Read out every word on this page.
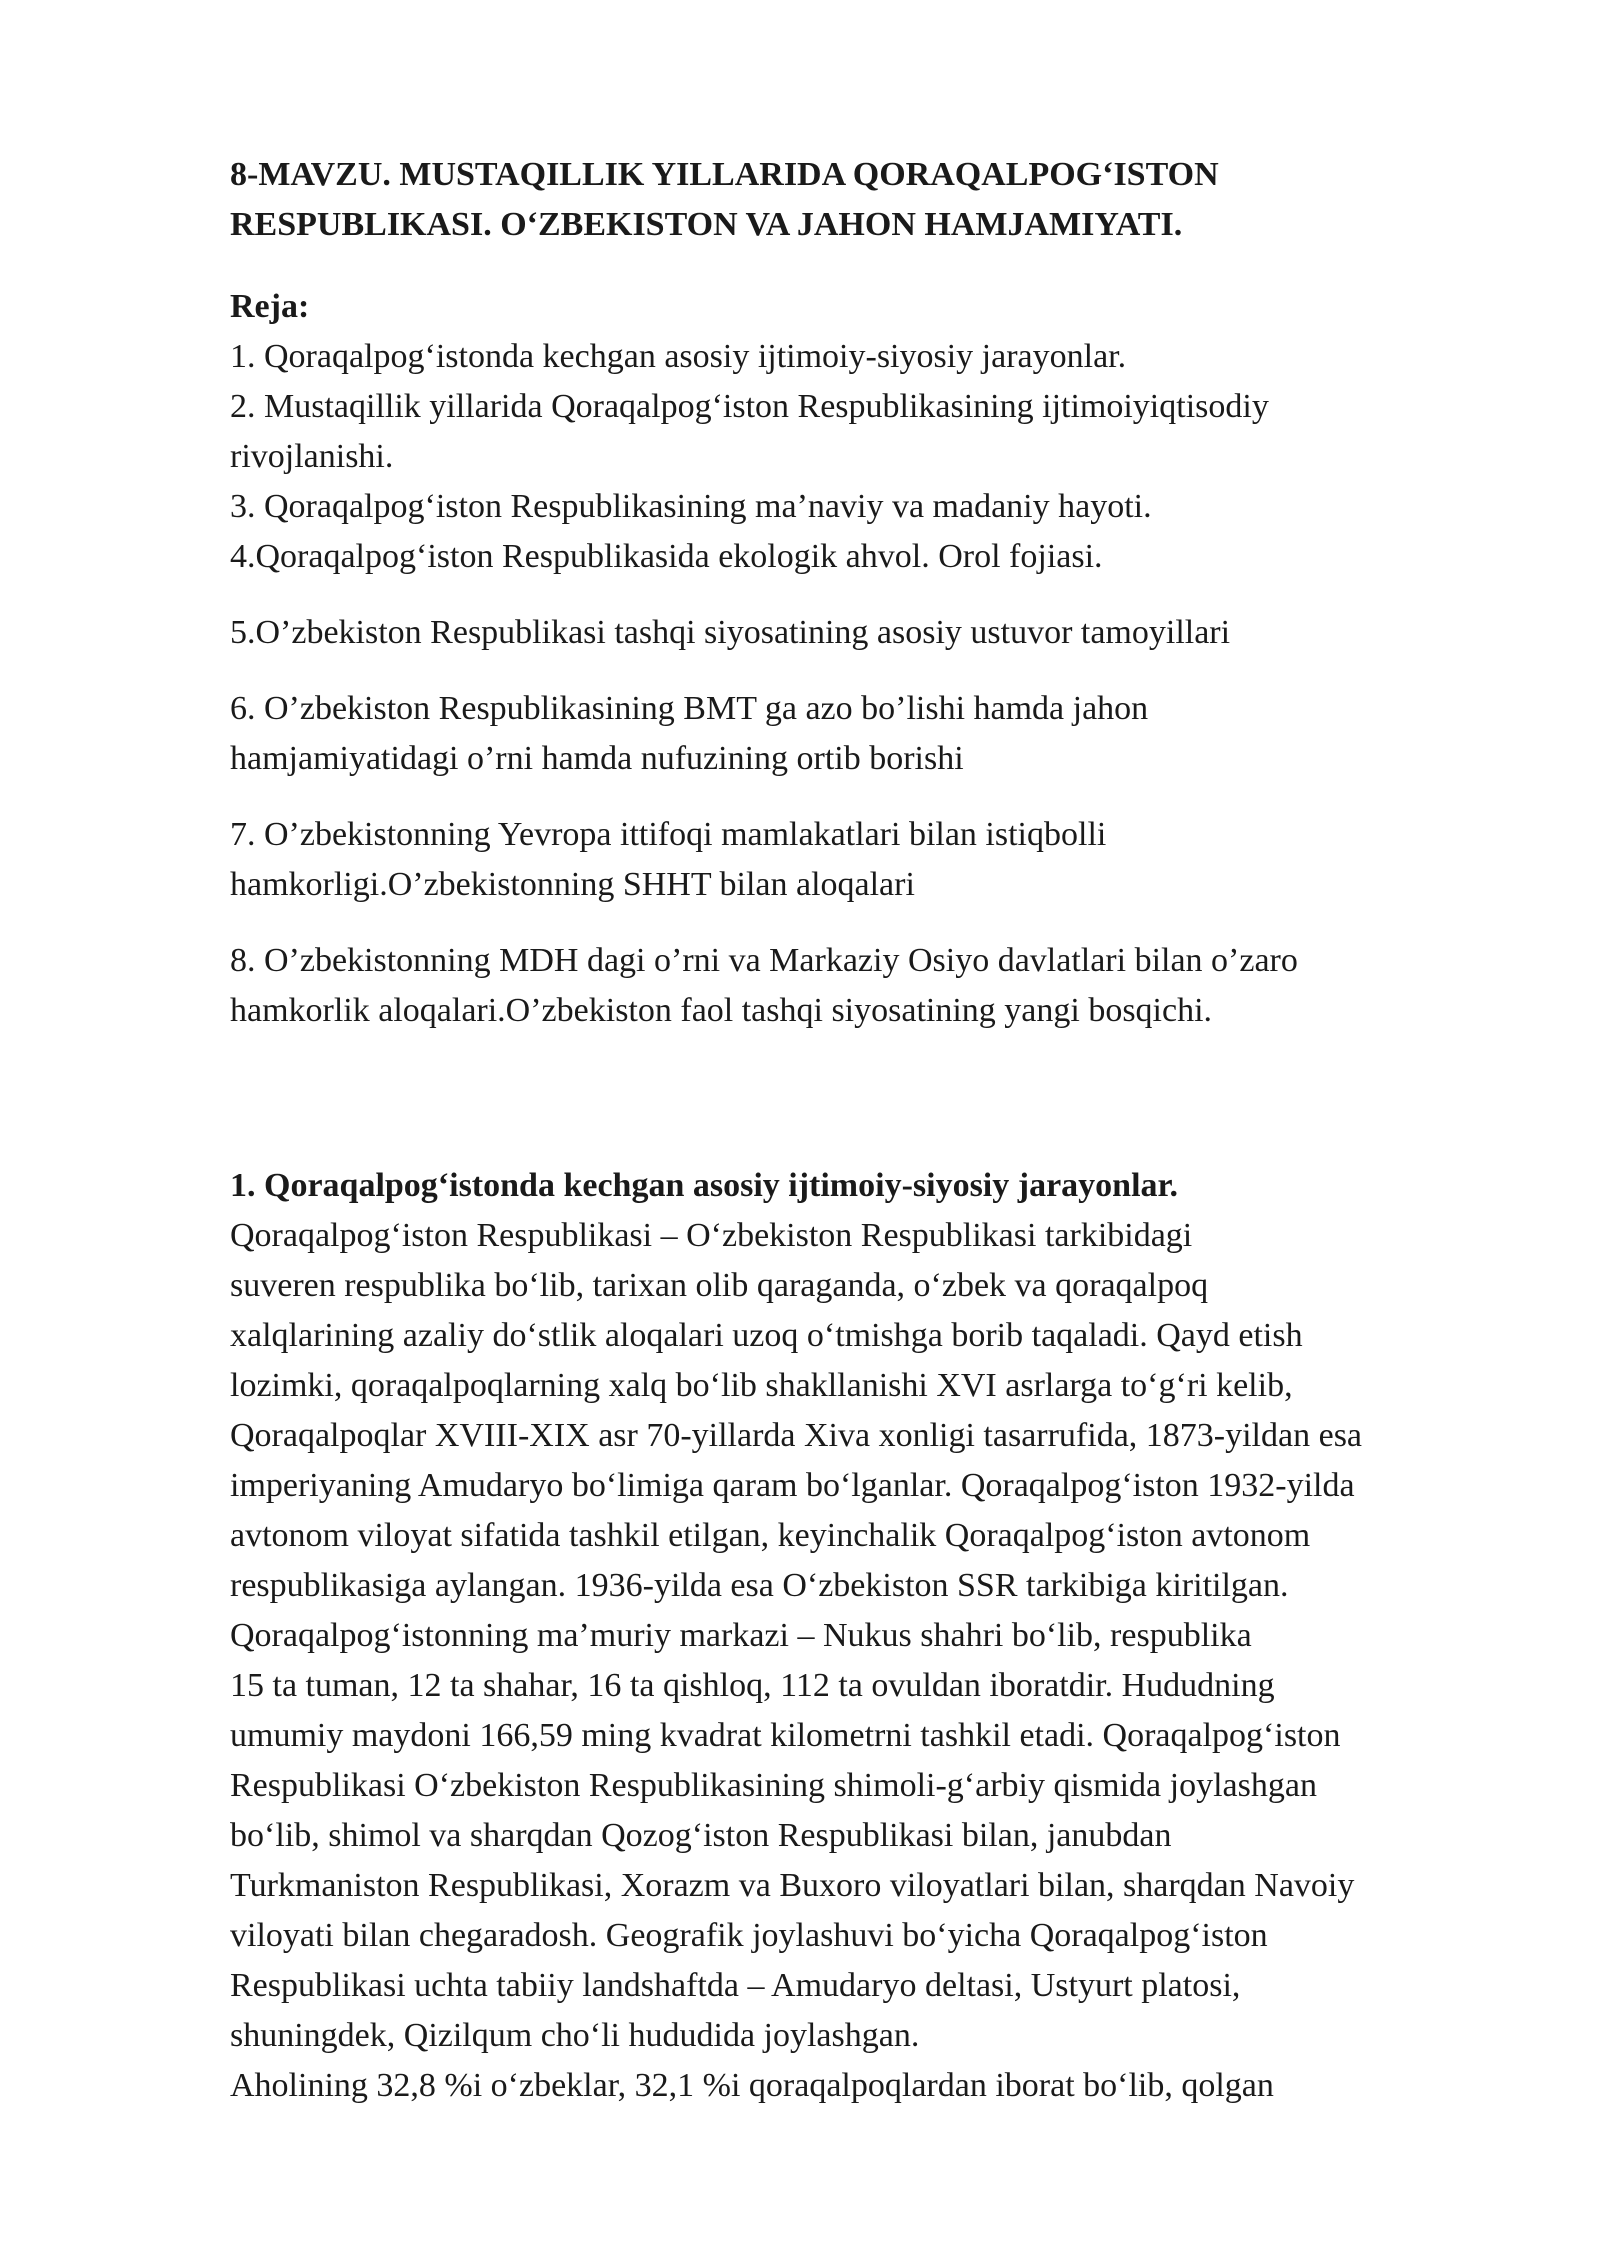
8-MAVZU. MUSTAQILLIK YILLARIDA QORAQALPOG‘ISTON
RESPUBLIKASI. O‘ZBEKISTON VA JAHON HAMJAMIYATI.
Reja:
1. Qoraqalpog‘istonda kechgan asosiy ijtimoiy-siyosiy jarayonlar.
2. Mustaqillik yillarida Qoraqalpog‘iston Respublikasining ijtimoiyiqtisodiy
rivojlanishi.
3. Qoraqalpog‘iston Respublikasining ma’naviy va madaniy hayoti.
4.Qoraqalpog‘iston Respublikasida ekologik ahvol. Orol fojiasi.
5.O’zbekiston Respublikasi tashqi siyosatining asosiy ustuvor tamoyillari
6. O’zbekiston Respublikasining BMT ga azo bo’lishi hamda jahon
hamjamiyatidagi o’rni hamda nufuzining ortib borishi
7. O’zbekistonning Yevropa ittifoqi mamlakatlari bilan istiqbolli
hamkorligi.O’zbekistonning SHHT bilan aloqalari
8. O’zbekistonning MDH dagi o’rni va Markaziy Osiyo davlatlari bilan o’zaro
hamkorlik aloqalari.O’zbekiston faol tashqi siyosatining yangi bosqichi.
1. Qoraqalpog‘istonda kechgan asosiy ijtimoiy-siyosiy jarayonlar.
Qoraqalpog‘iston Respublikasi – O‘zbekiston Respublikasi tarkibidagi
suveren respublika bo‘lib, tarixan olib qaraganda, o‘zbek va qoraqalpoq
xalqlarining azaliy do‘stlik aloqalari uzoq o‘tmishga borib taqaladi. Qayd etish
lozimki, qoraqalpoqlarning xalq bo‘lib shakllanishi XVI asrlarga to‘g‘ri kelib,
Qoraqalpoqlar XVIII-XIX asr 70-yillarda Xiva xonligi tasarrufida, 1873-yildan esa
imperiyaning Amudaryo bo‘limiga qaram bo‘lganlar. Qoraqalpog‘iston 1932-yilda
avtonom viloyat sifatida tashkil etilgan, keyinchalik Qoraqalpog‘iston avtonom
respublikasiga aylangan. 1936-yilda esa O‘zbekiston SSR tarkibiga kiritilgan.
Qoraqalpog‘istonning ma’muriy markazi – Nukus shahri bo‘lib, respublika
15 ta tuman, 12 ta shahar, 16 ta qishloq, 112 ta ovuldan iboratdir. Hududning
umumiy maydoni 166,59 ming kvadrat kilometrni tashkil etadi. Qoraqalpog‘iston
Respublikasi O‘zbekiston Respublikasining shimoli-g‘arbiy qismida joylashgan
bo‘lib, shimol va sharqdan Qozog‘iston Respublikasi bilan, janubdan
Turkmaniston Respublikasi, Xorazm va Buxoro viloyatlari bilan, sharqdan Navoiy
viloyati bilan chegaradosh. Geografik joylashuvi bo‘yicha Qoraqalpog‘iston
Respublikasi uchta tabiiy landshaftda – Amudaryo deltasi, Ustyurt platosi,
shuningdek, Qizilqum cho‘li hududida joylashgan.
Aholining 32,8 %i o‘zbeklar, 32,1 %i qoraqalpoqlardan iborat bo‘lib, qolgan
